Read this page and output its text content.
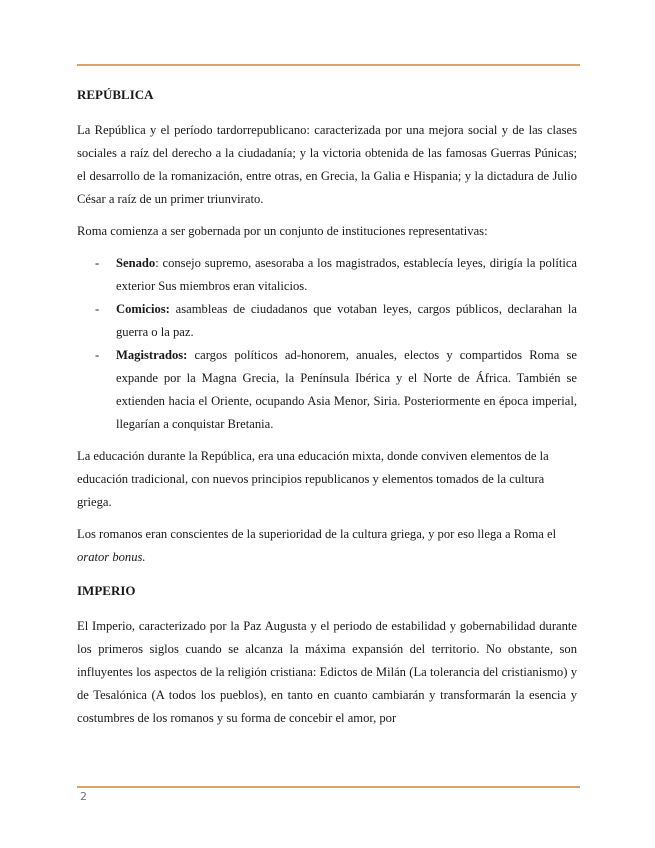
REPÚBLICA

La República y el período tardorrepublicano: caracterizada por una mejora social y de las clases sociales a raíz del derecho a la ciudadanía; y la victoria obtenida de las famosas Guerras Púnicas; el desarrollo de la romanización, entre otras, en Grecia, la Galia e Hispania; y la dictadura de Julio César a raíz de un primer triunvirato.

Roma comienza a ser gobernada por un conjunto de instituciones representativas:

- Senado: consejo supremo, asesoraba a los magistrados, establecía leyes, dirigía la política exterior Sus miembros eran vitalicios.
- Comicios: asambleas de ciudadanos que votaban leyes, cargos públicos, declarahan la guerra o la paz.
- Magistrados: cargos políticos ad-honorem, anuales, electos y compartidos Roma se expande por la Magna Grecia, la Península Ibérica y el Norte de África. También se extienden hacia el Oriente, ocupando Asia Menor, Siria. Posteriormente en época imperial, llegarían a conquistar Bretania.

La educación durante la República, era una educación mixta, donde conviven elementos de la educación tradicional, con nuevos principios republicanos y elementos tomados de la cultura griega.

Los romanos eran conscientes de la superioridad de la cultura griega, y por eso llega a Roma el orator bonus.

IMPERIO

El Imperio, caracterizado por la Paz Augusta y el periodo de estabilidad y gobernabilidad durante los primeros siglos cuando se alcanza la máxima expansión del territorio. No obstante, son influyentes los aspectos de la religión cristiana: Edictos de Milán (La tolerancia del cristianismo) y de Tesalónica (A todos los pueblos), en tanto en cuanto cambiarán y transformarán la esencia y costumbres de los romanos y su forma de concebir el amor, por

2
